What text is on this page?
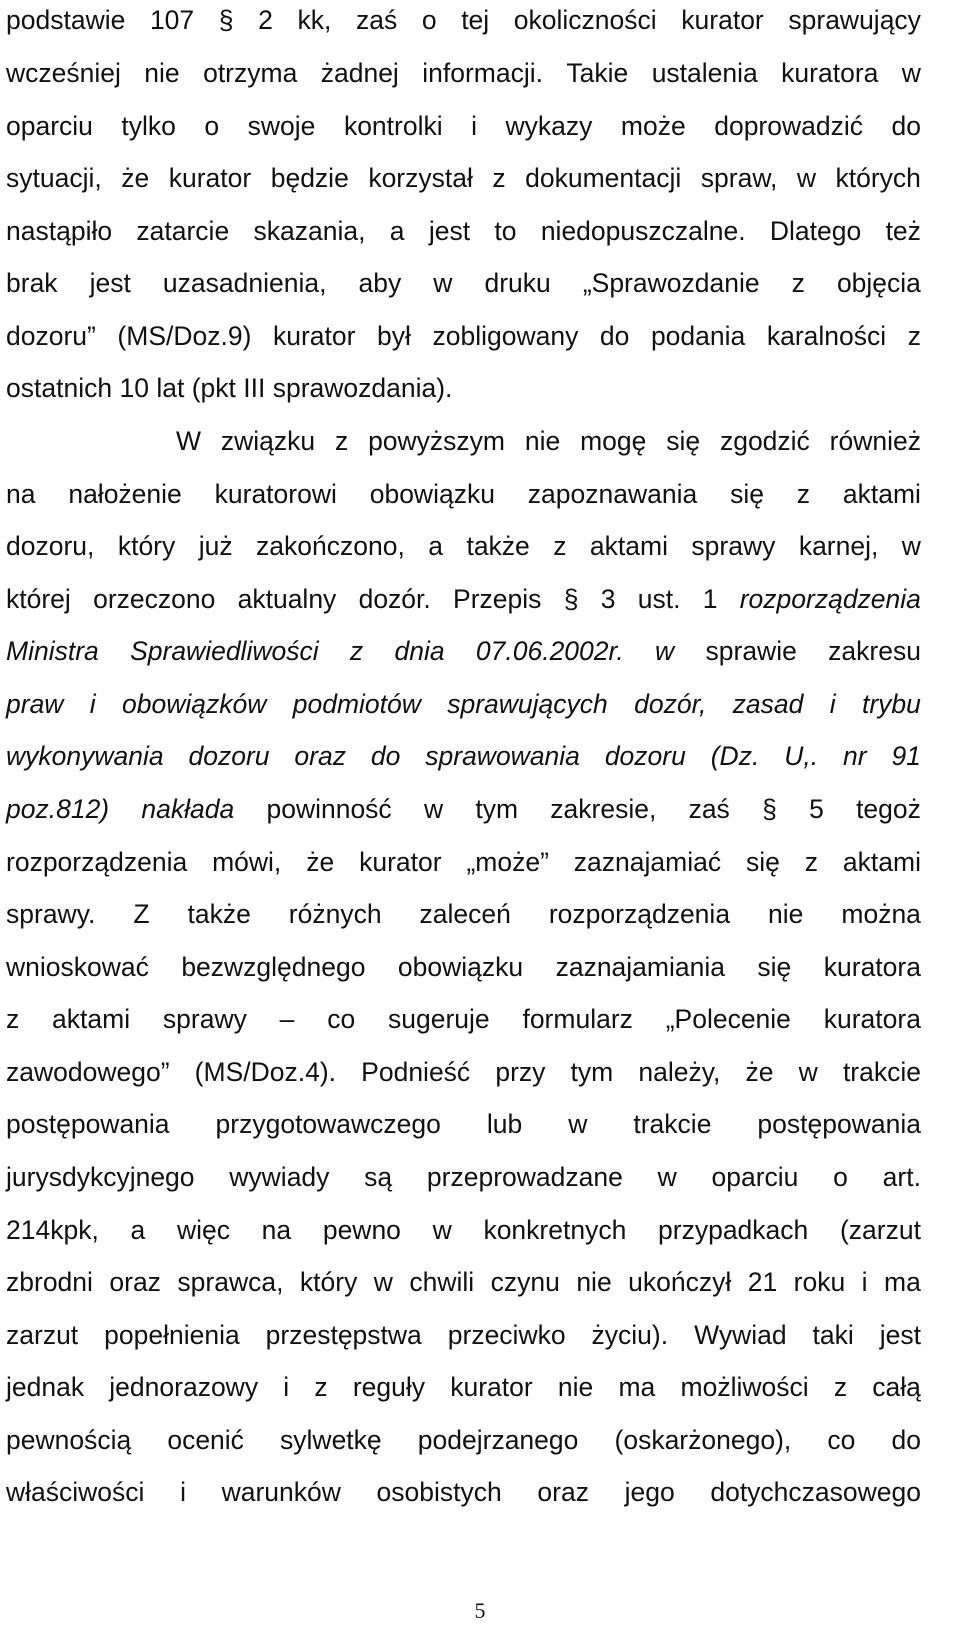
podstawie 107 § 2 kk, zaś o tej okoliczności kurator sprawujący
wcześniej nie otrzyma żadnej informacji. Takie ustalenia kuratora w
oparciu tylko o swoje kontrolki i wykazy może doprowadzić do
sytuacji, że kurator będzie korzystał z dokumentacji spraw, w których
nastąpiło zatarcie skazania, a jest to niedopuszczalne. Dlatego też
brak jest uzasadnienia, aby w druku „Sprawozdanie z objęcia
dozoru” (MS/Doz.9) kurator był zobligowany do podania karalności z
ostatnich
10
lat
(pkt
III
sprawozdania).
W związku z powyższym nie mogę się zgodzić również
na nałożenie kuratorowi obowiązku zapoznawania się z aktami
dozoru, który już zakończono, a także z aktami sprawy karnej, w
której orzeczono aktualny dozór. Przepis § 3 ust. 1 rozporządzenia
Ministra Sprawiedliwości z dnia 07.06.2002r. w sprawie zakresu
praw i obowiązków podmiotów sprawujących dozór, zasad i trybu
wykonywania dozoru oraz do sprawowania dozoru (Dz. U,. nr 91
poz.812) nakłada powinność w tym zakresie, zaś § 5 tegoż
rozporządzenia mówi, że kurator „może” zaznajamiać się z aktami
sprawy. Z także różnych zaleceń rozporządzenia nie można
wnioskować bezwzględnego obowiązku zaznajamiania się kuratora
z aktami sprawy – co sugeruje formularz „Polecenie kuratora
zawodowego” (MS/Doz.4). Podnieść przy tym należy, że w trakcie
postępowania przygotowawczego lub w trakcie postępowania
jurysdykcyjnego wywiady są przeprowadzane w oparciu o art.
214kpk, a więc na pewno w konkretnych przypadkach (zarzut
zbrodni oraz sprawca, który w chwili czynu nie ukończył 21 roku i ma
zarzut popełnienia przestępstwa przeciwko życiu). Wywiad taki jest
jednak jednorazowy i z reguły kurator nie ma możliwości z całą
pewnością ocenić sylwetkę podejrzanego (oskarżonego), co do
właściwości i warunków osobistych oraz jego dotychczasowego
5
